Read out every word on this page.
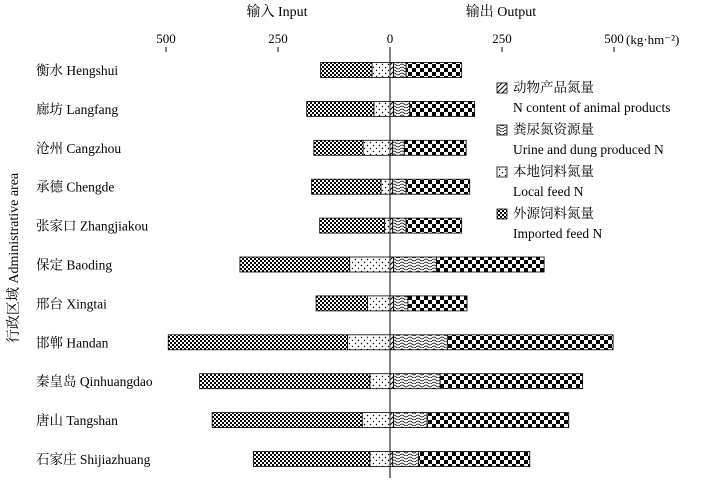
输入 Input	输出 Output
(kg·hm⁻²)
行政区域 Administrative area
500	250	0	250	500
衡水 Hengshui
廊坊 Langfang
沧州 Cangzhou
承德 Chengde
张家口 Zhangjiakou
保定 Baoding
邢台 Xingtai
邯郸 Handan
秦皇岛 Qinhuangdao
唐山 Tangshan
石家庄 Shijiazhuang
动物产品氮量
N content of animal products
粪尿氮资源量
Urine and dung produced N
本地饲料氮量
Local feed N
外源饲料氮量
Imported feed N
